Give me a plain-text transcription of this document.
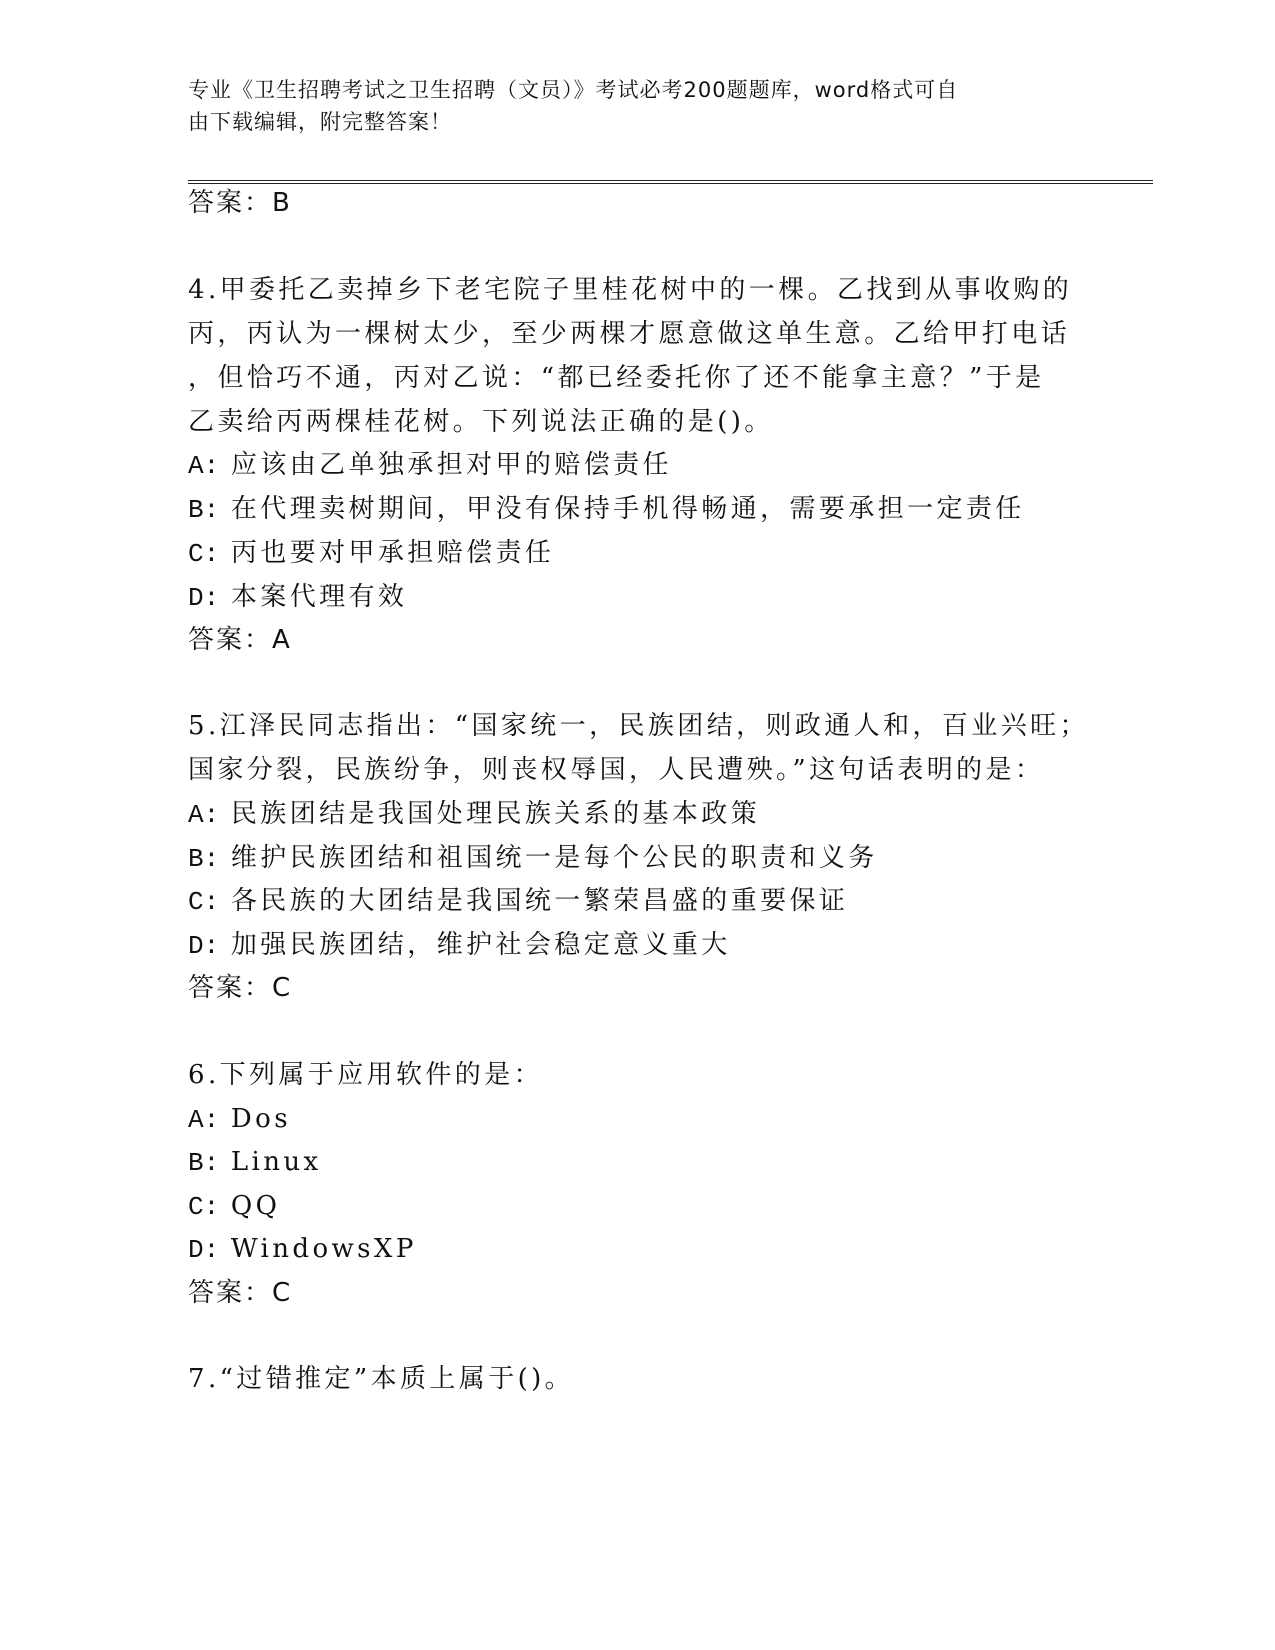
专业《卫生招聘考试之卫生招聘（文员）》考试必考200题题库，word格式可自
由下载编辑，附完整答案！
答案：B
4.甲委托乙卖掉乡下老宅院子里桂花树中的一棵。乙找到从事收购的
丙，丙认为一棵树太少，至少两棵才愿意做这单生意。乙给甲打电话
，但恰巧不通，丙对乙说：“都已经委托你了还不能拿主意？”于是
乙卖给丙两棵桂花树。下列说法正确的是()。
A: 应该由乙单独承担对甲的赔偿责任
B: 在代理卖树期间，甲没有保持手机得畅通，需要承担一定责任
C: 丙也要对甲承担赔偿责任
D: 本案代理有效
答案：A
5.江泽民同志指出：“国家统一，民族团结，则政通人和，百业兴旺；
国家分裂，民族纷争，则丧权辱国，人民遭殃。”这句话表明的是：
A: 民族团结是我国处理民族关系的基本政策
B: 维护民族团结和祖国统一是每个公民的职责和义务
C: 各民族的大团结是我国统一繁荣昌盛的重要保证
D: 加强民族团结，维护社会稳定意义重大
答案：C
6.下列属于应用软件的是：
A: Dos
B: Linux
C: QQ
D: WindowsXP
答案：C
7.“过错推定”本质上属于()。
